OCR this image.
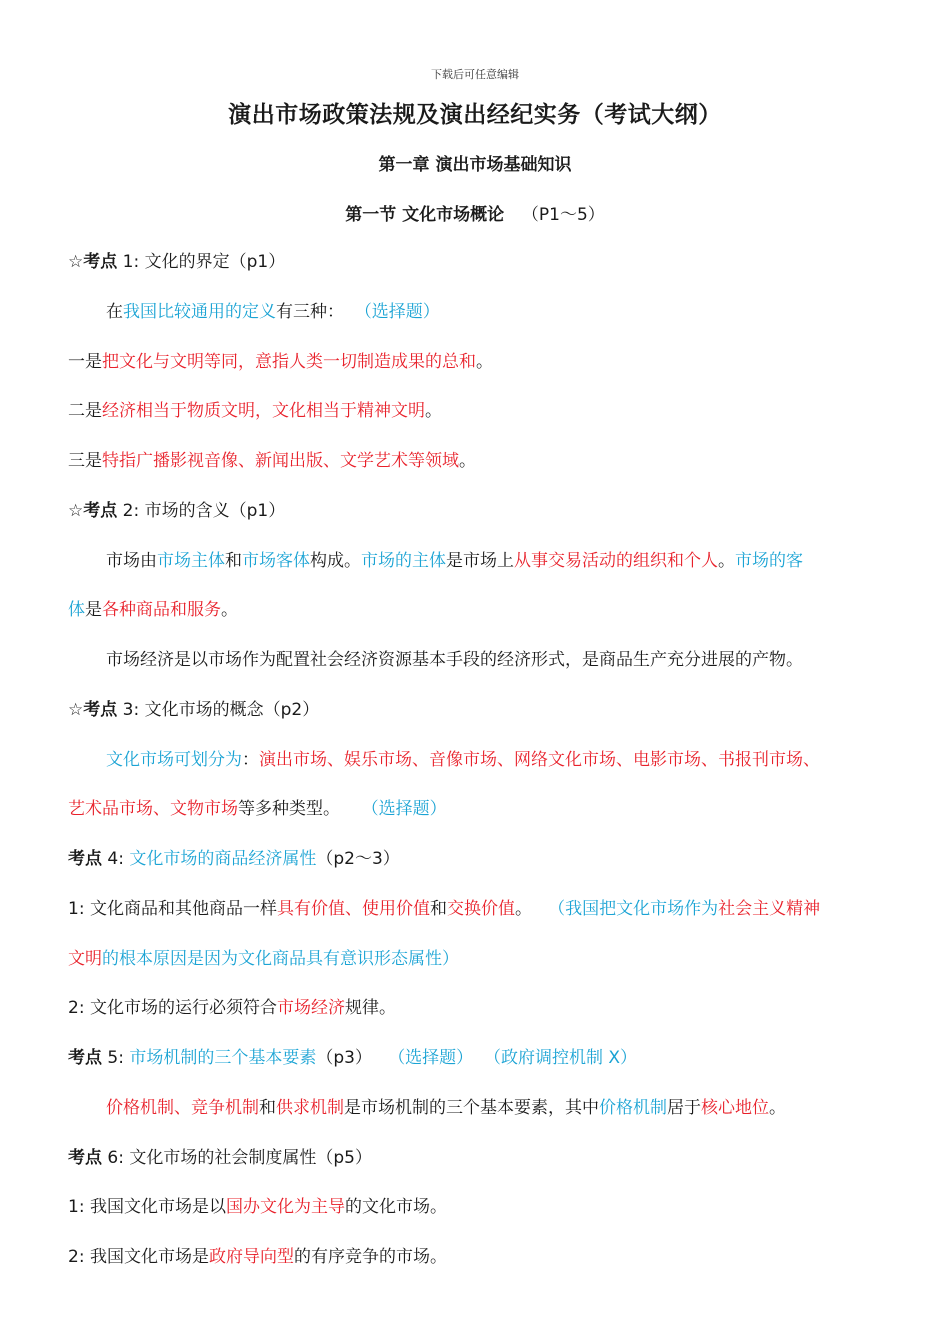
下载后可任意编辑
演出市场政策法规及演出经纪实务（考试大纲）
第一章 演出市场基础知识
第一节 文化市场概论 （P1～5）
☆考点 1: 文化的界定（p1）
在我国比较通用的定义有三种： （选择题）
一是把文化与文明等同，意指人类一切制造成果的总和。
二是经济相当于物质文明，文化相当于精神文明。
三是特指广播影视音像、新闻出版、文学艺术等领域。
☆考点 2: 市场的含义（p1）
市场由市场主体和市场客体构成。市场的主体是市场上从事交易活动的组织和个人。市场的客
体是各种商品和服务。
市场经济是以市场作为配置社会经济资源基本手段的经济形式，是商品生产充分进展的产物。
☆考点 3: 文化市场的概念（p2）
文化市场可划分为：演出市场、娱乐市场、音像市场、网络文化市场、电影市场、书报刊市场、
艺术品市场、文物市场等多种类型。 （选择题）
考点 4: 文化市场的商品经济属性（p2～3）
1: 文化商品和其他商品一样具有价值、使用价值和交换价值。 （我国把文化市场作为社会主义精神
文明的根本原因是因为文化商品具有意识形态属性）
2: 文化市场的运行必须符合市场经济规律。
考点 5: 市场机制的三个基本要素（p3） （选择题） （政府调控机制 X）
价格机制、竞争机制和供求机制是市场机制的三个基本要素，其中价格机制居于核心地位。
考点 6: 文化市场的社会制度属性（p5）
1: 我国文化市场是以国办文化为主导的文化市场。
2: 我国文化市场是政府导向型的有序竞争的市场。
